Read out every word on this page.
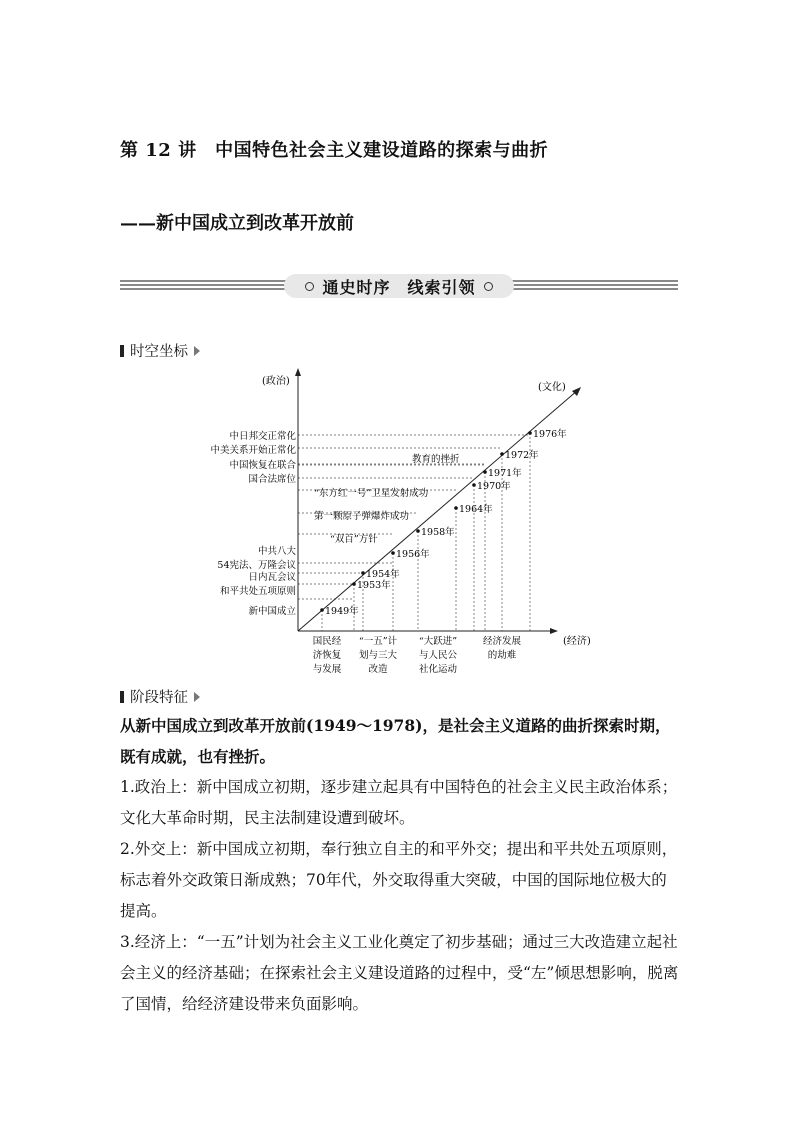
第 12 讲　中国特色社会主义建设道路的探索与曲折
——新中国成立到改革开放前
通史时序　线索引领
时空坐标
(政治)
(经济)
(文化)
1949年
1953年
1954年
1956年
1958年
1964年
1970年
1971年
1972年
1976年
中日邦交正常化
中美关系开始正常化
中国恢复在联合
国合法席位
中共八大
54宪法、万隆会议
日内瓦会议
和平共处五项原则
新中国成立
教育的挫折
“东方红一号”卫星发射成功
第一颗原子弹爆炸成功
“双百”方针
国民经
济恢复
与发展
“一五”计
划与三大
改造
“大跃进”
与人民公
社化运动
经济发展
的劫难
阶段特征
从新中国成立到改革开放前(1949～1978)，是社会主义道路的曲折探索时期，既有成就，也有挫折。
1.政治上：新中国成立初期，逐步建立起具有中国特色的社会主义民主政治体系；文化大革命时期，民主法制建设遭到破坏。
2.外交上：新中国成立初期，奉行独立自主的和平外交；提出和平共处五项原则，标志着外交政策日渐成熟；70年代，外交取得重大突破，中国的国际地位极大的提高。
3.经济上：“一五”计划为社会主义工业化奠定了初步基础；通过三大改造建立起社会主义的经济基础；在探索社会主义建设道路的过程中，受“左”倾思想影响，脱离了国情，给经济建设带来负面影响。
